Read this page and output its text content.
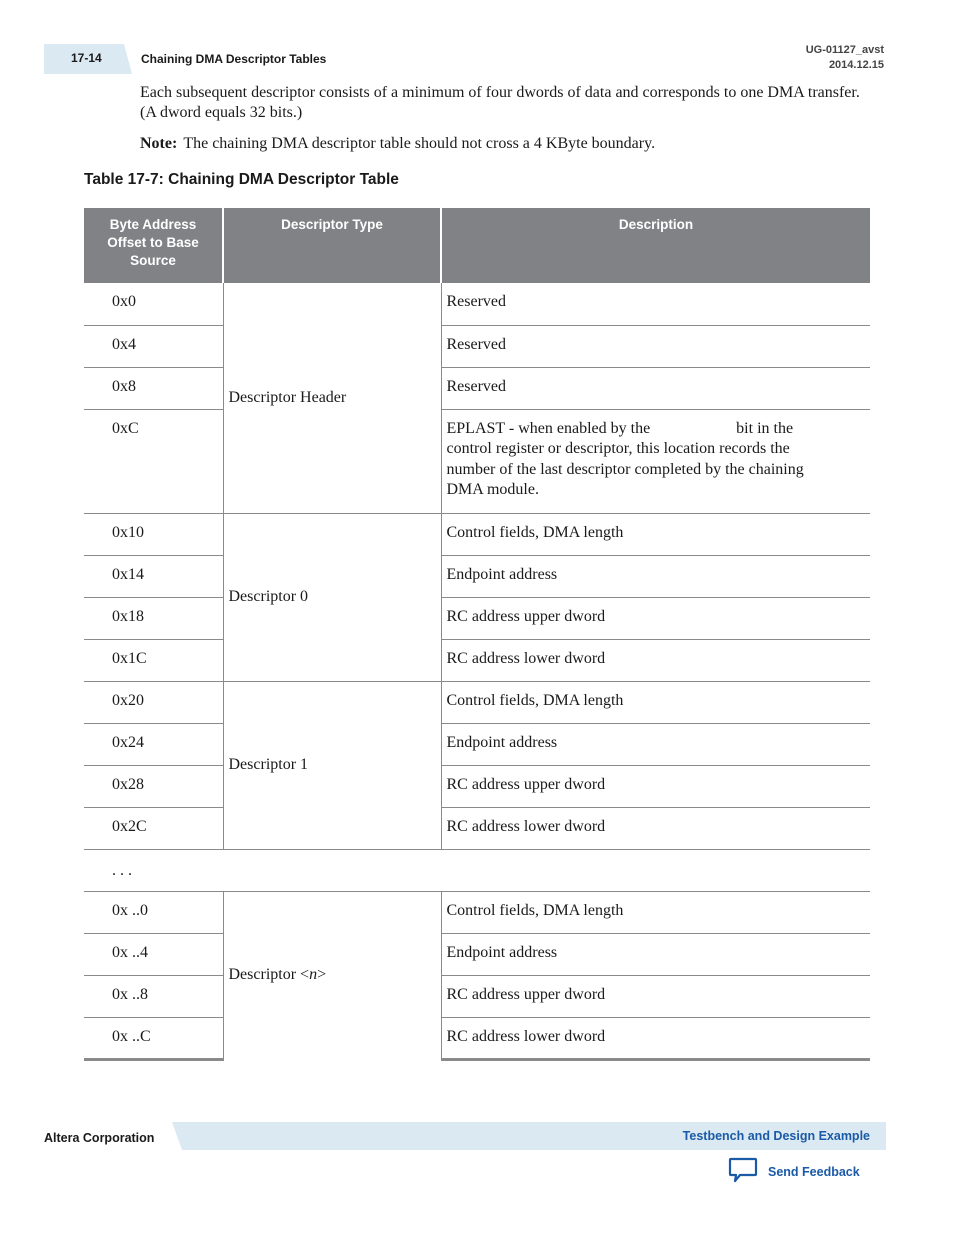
17-14	Chaining DMA Descriptor Tables
UG-01127_avst
2014.12.15
Each subsequent descriptor consists of a minimum of four dwords of data and corresponds to one DMA transfer. (A dword equals 32 bits.)
Note: The chaining DMA descriptor table should not cross a 4 KByte boundary.
Table 17-7: Chaining DMA Descriptor Table
Byte Address Offset to Base Source	Descriptor Type	Description
0x0	Descriptor Header	Reserved
0x4		Reserved
0x8		Reserved
0xC		EPLAST - when enabled by the bit in the control register or descriptor, this location records the number of the last descriptor completed by the chaining DMA module.
0x10	Descriptor 0	Control fields, DMA length
0x14		Endpoint address
0x18		RC address upper dword
0x1C		RC address lower dword
0x20	Descriptor 1	Control fields, DMA length
0x24		Endpoint address
0x28		RC address upper dword
0x2C		RC address lower dword
. . .		
0x ..0	Descriptor <n>	Control fields, DMA length
0x ..4		Endpoint address
0x ..8		RC address upper dword
0x ..C		RC address lower dword
Altera Corporation	Testbench and Design Example
Send Feedback
